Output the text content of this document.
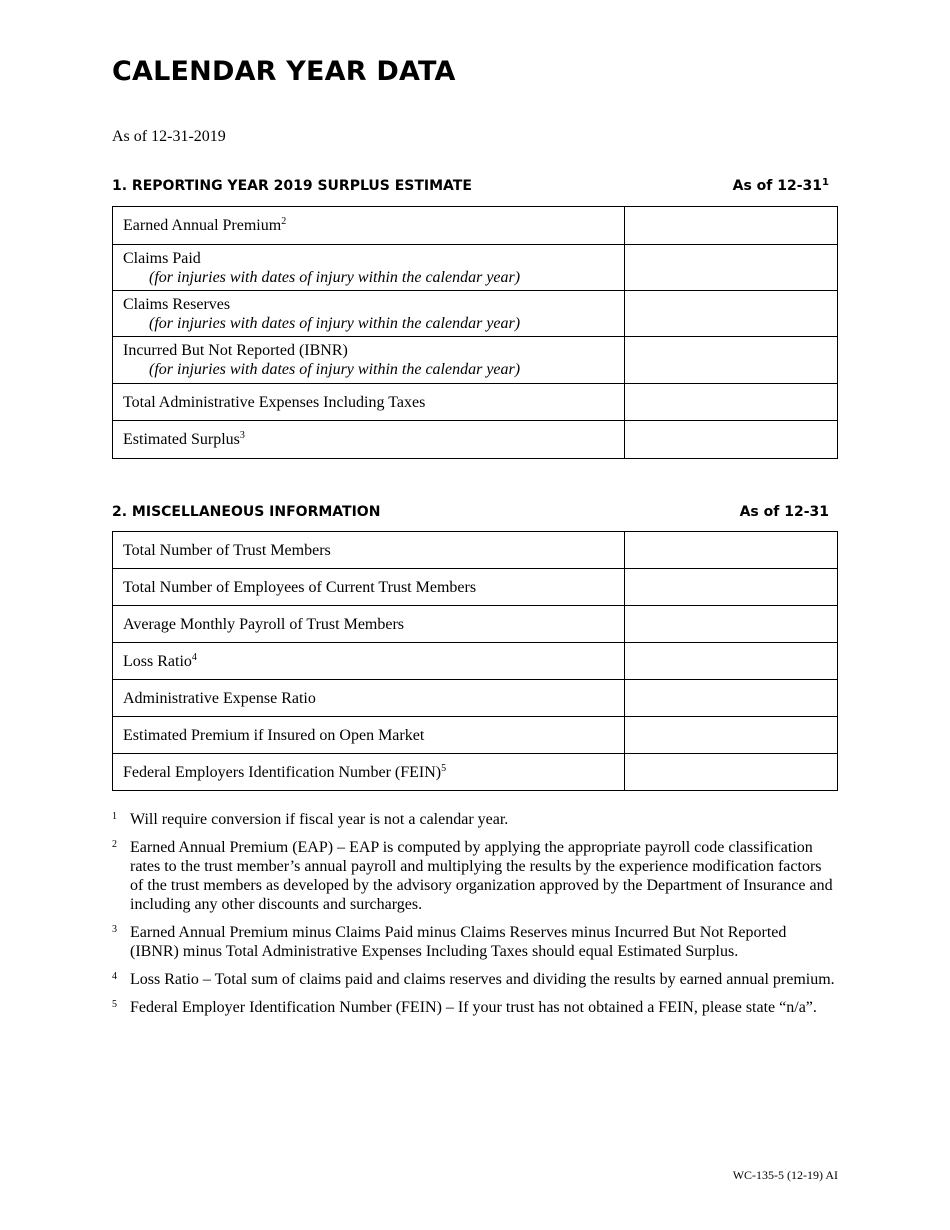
CALENDAR YEAR DATA
As of 12-31-2019
1. REPORTING YEAR 2019 SURPLUS ESTIMATE	As of $12-31^1$
Earned Annual Premium$^2$	
Claims Paid
(for injuries with dates of injury within the calendar year)	

Claims Reserves
(for injuries with dates of injury within the calendar year)	

Incurred But Not Reported (IBNR)
(for injuries with dates of injury within the calendar year)	

Total Administrative Expenses Including Taxes	
Estimated Surplus$^3$	
2. MISCELLANEOUS INFORMATION	As of 12-31
Total Number of Trust Members	
Total Number of Employees of Current Trust Members	
Average Monthly Payroll of Trust Members	
Loss Ratio$^4$	
Administrative Expense Ratio	
Estimated Premium if Insured on Open Market	
Federal Employers Identification Number (FEIN)$^5$	
1 Will require conversion if fiscal year is not a calendar year.
2 Earned Annual Premium (EAP) – EAP is computed by applying the appropriate payroll code classification rates to the trust member’s annual payroll and multiplying the results by the experience modification factors of the trust members as developed by the advisory organization approved by the Department of Insurance and including any other discounts and surcharges.
3 Earned Annual Premium minus Claims Paid minus Claims Reserves minus Incurred But Not Reported (IBNR) minus Total Administrative Expenses Including Taxes should equal Estimated Surplus.
4 Loss Ratio – Total sum of claims paid and claims reserves and dividing the results by earned annual premium.
5 Federal Employer Identification Number (FEIN) – If your trust has not obtained a FEIN, please state “n/a”.
WC-135-5 (12-19) AI
